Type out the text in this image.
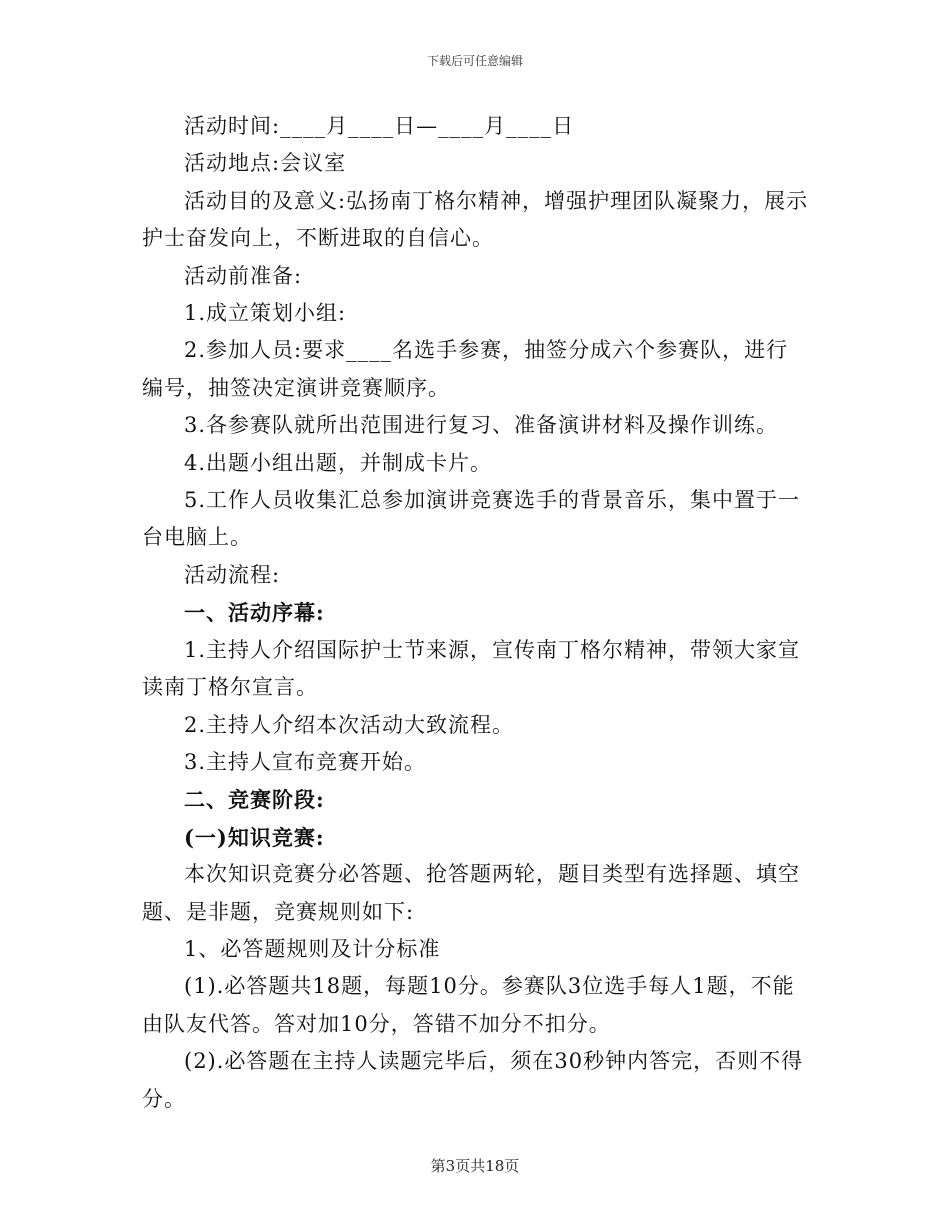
下载后可任意编辑

活动时间:____月____日—____月____日

活动地点:会议室

活动目的及意义:弘扬南丁格尔精神，增强护理团队凝聚力，展示护士奋发向上，不断进取的自信心。

活动前准备:

1.成立策划小组:

2.参加人员:要求____名选手参赛，抽签分成六个参赛队，进行编号，抽签决定演讲竞赛顺序。

3.各参赛队就所出范围进行复习、准备演讲材料及操作训练。

4.出题小组出题，并制成卡片。

5.工作人员收集汇总参加演讲竞赛选手的背景音乐，集中置于一台电脑上。

活动流程:

一、活动序幕:

1.主持人介绍国际护士节来源，宣传南丁格尔精神，带领大家宣读南丁格尔宣言。

2.主持人介绍本次活动大致流程。

3.主持人宣布竞赛开始。

二、竞赛阶段:

(一)知识竞赛:

本次知识竞赛分必答题、抢答题两轮，题目类型有选择题、填空题、是非题，竞赛规则如下:

1、必答题规则及计分标准

(1).必答题共18题，每题10分。参赛队3位选手每人1题，不能由队友代答。答对加10分，答错不加分不扣分。

(2).必答题在主持人读题完毕后，须在30秒钟内答完，否则不得分。

第3页共18页
